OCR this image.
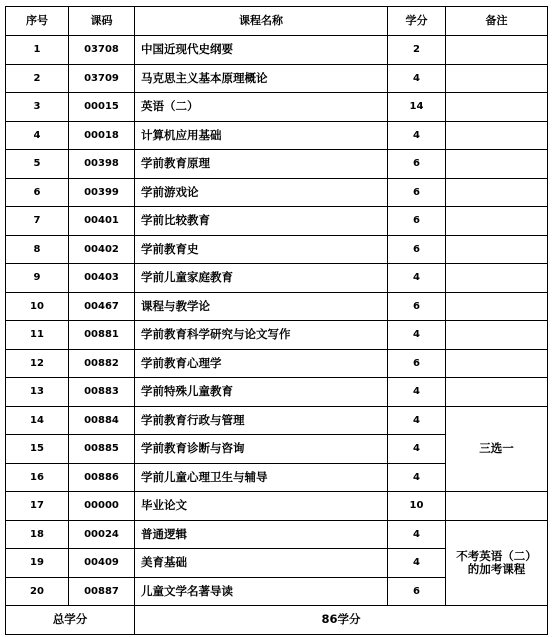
序号	课码	课程名称	学分	备注
1	03708	中国近现代史纲要	2	
2	03709	马克思主义基本原理概论	4	
3	00015	英语（二）	14	
4	00018	计算机应用基础	4	
5	00398	学前教育原理	6	
6	00399	学前游戏论	6	
7	00401	学前比较教育	6	
8	00402	学前教育史	6	
9	00403	学前儿童家庭教育	4	
10	00467	课程与教学论	6	
11	00881	学前教育科学研究与论文写作	4	
12	00882	学前教育心理学	6	
13	00883	学前特殊儿童教育	4	
14	00884	学前教育行政与管理	4	三选一
15	00885	学前教育诊断与咨询	4	
16	00886	学前儿童心理卫生与辅导	4	
17	00000	毕业论文	10	
18	00024	普通逻辑	4	不考英语（二）
的加考课程

19	00409	美育基础	4	
20	00887	儿童文学名著导读	6	
总学分		86学分		
